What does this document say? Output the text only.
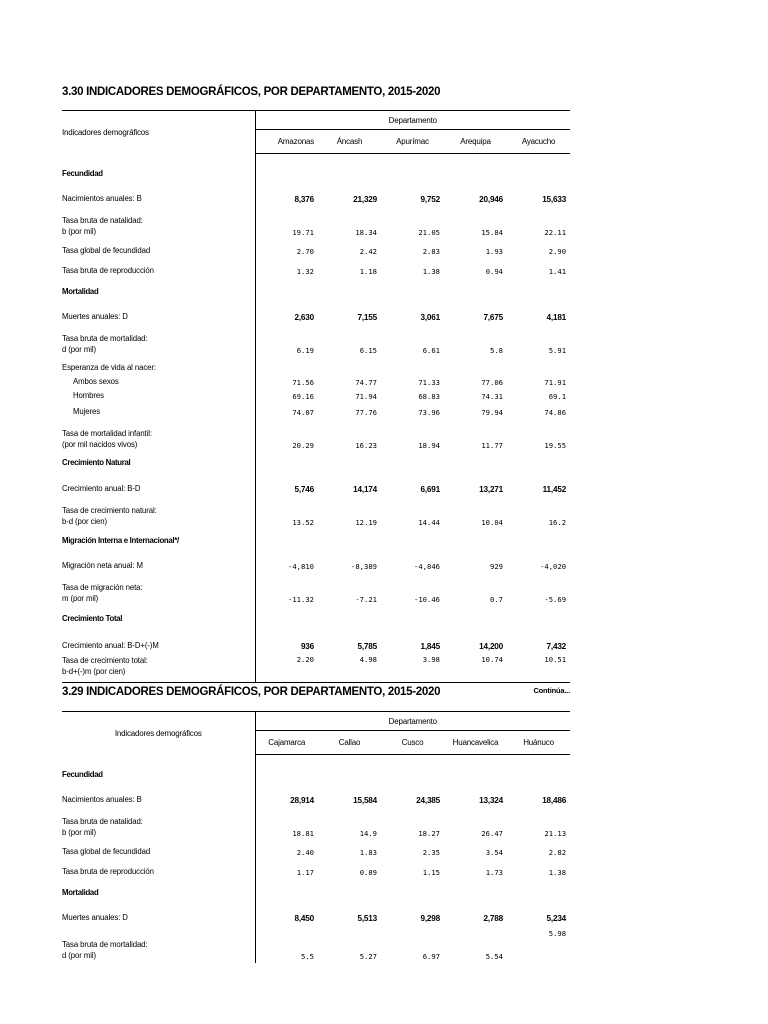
3.30 INDICADORES DEMOGRÁFICOS, POR DEPARTAMENTO, 2015-2020
Indicadores demográficos	Departamento				
	Amazonas	Áncash	Apurímac	Arequipa	Ayacucho

Fecundidad					
Nacimientos anuales: B	8,376	21,329	9,752	20,946	15,633
Tasa bruta de natalidad:
b (por mil)	19.71	18.34	21.05	15.84	22.11
Tasa global de fecundidad	2.70	2.42	2.83	1.93	2.90
Tasa bruta de reproducción	1.32	1.18	1.38	0.94	1.41
Mortalidad					
Muertes anuales: D	2,630	7,155	3,061	7,675	4,181
Tasa bruta de mortalidad:
d (por mil)	6.19	6.15	6.61	5.8	5.91
Esperanza de vida al nacer:					
Ambos sexos	71.56	74.77	71.33	77.06	71.91
Hombres	69.16	71.94	68.83	74.31	69.1
Mujeres	74.07	77.76	73.96	79.94	74.86
Tasa de mortalidad infantil:
(por mil nacidos vivos)	20.29	16.23	18.94	11.77	19.55
Crecimiento Natural					
Crecimiento anual: B-D	5,746	14,174	6,691	13,271	11,452
Tasa de crecimiento natural:
b-d (por cien)	13.52	12.19	14.44	10.04	16.2
Migración Interna e Internacional*/					
Migración neta anual: M	-4,810	-8,389	-4,846	929	-4,020
Tasa de migración neta:
m (por mil)	-11.32	-7.21	-10.46	0.7	-5.69
Crecimiento Total					
Crecimiento anual: B-D+(-)M	936	5,785	1,845	14,200	7,432
Tasa de crecimiento total:
b-d+(-)m (por cien)	2.20	4.98	3.98	10.74	10.51
Continúa...
3.29 INDICADORES DEMOGRÁFICOS, POR DEPARTAMENTO, 2015-2020
Indicadores demográficos	Departamento				
	Cajamarca	Callao	Cusco	Huancavelica	Huánuco

Fecundidad					
Nacimientos anuales: B	28,914	15,584	24,385	13,324	18,486
Tasa bruta de natalidad:
b (por mil)	18.81	14.9	18.27	26.47	21.13
Tasa global de fecundidad	2.40	1.83	2.35	3.54	2.82
Tasa bruta de reproducción	1.17	0.89	1.15	1.73	1.38
Mortalidad					
Muertes anuales: D	8,450	5,513	9,298	2,788	5,234
Tasa bruta de mortalidad:
d (por mil)	5.5	5.27	6.97	5.54	5.98
